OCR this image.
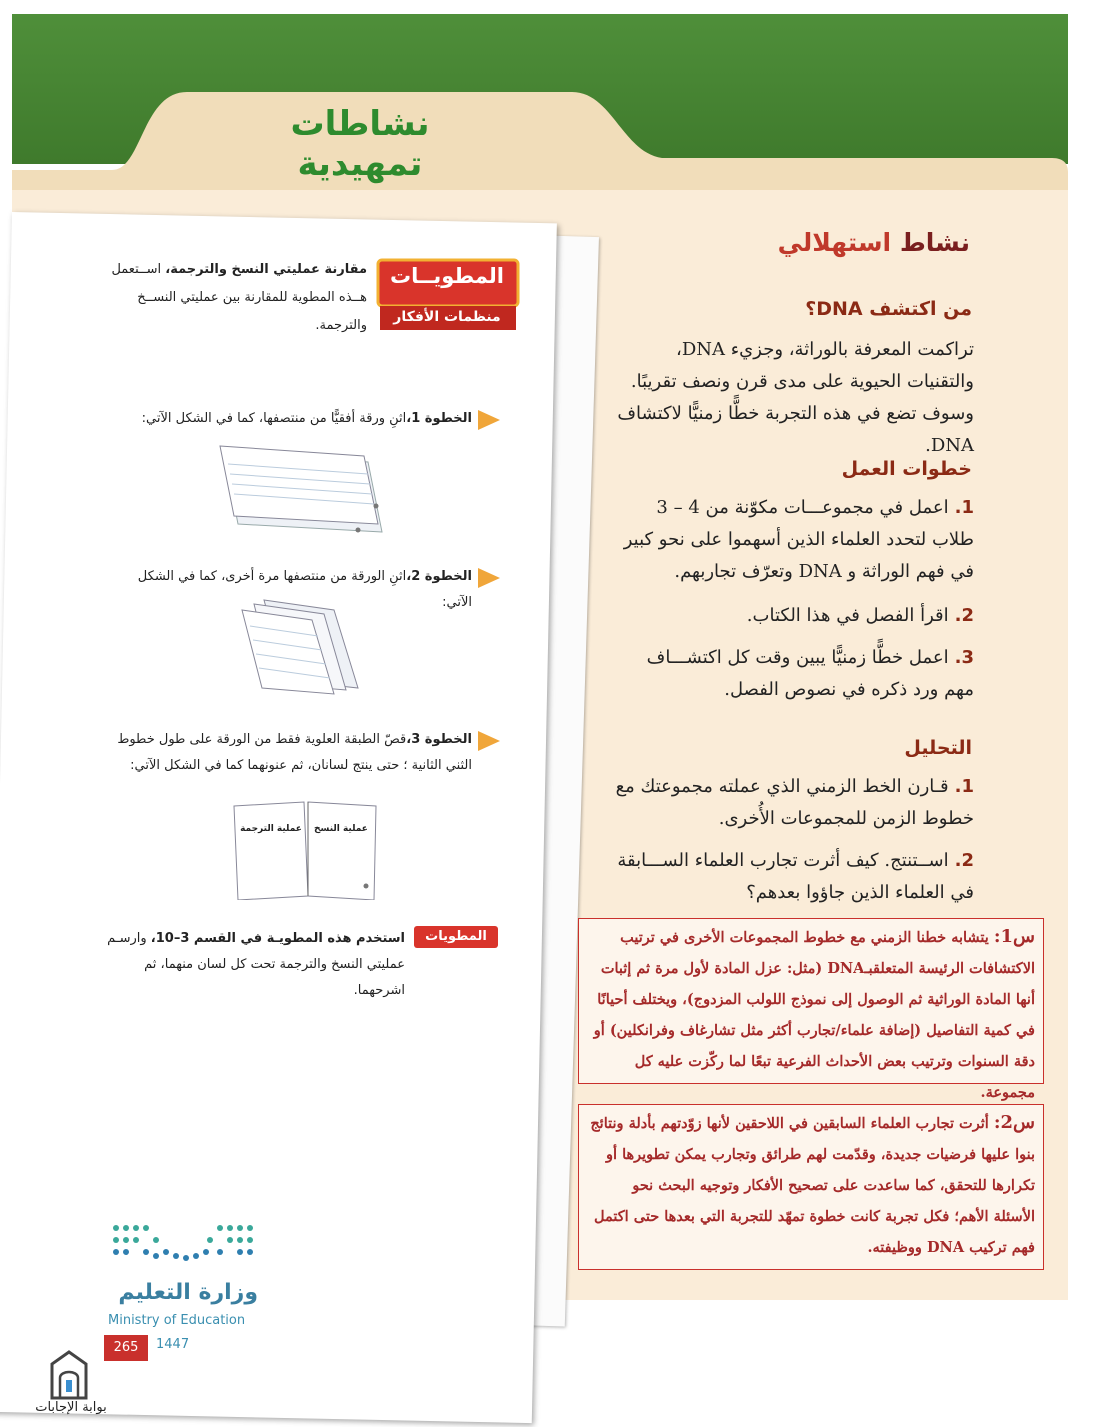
نشاطات تمهيدية
نشاط استهلالي
من اكتشف DNA؟
تراكمت المعرفة بالوراثة، وجزيء DNA، والتقنيات الحيوية على مدى قرن ونصف تقريبًا. وسوف تضع في هذه التجربة خطًّا زمنيًّا لاكتشاف DNA.
خطوات العمل
1.اعمل في مجموعـــات مكوّنة من 4 – 3 طلاب لتحدد العلماء الذين أسهموا على نحو كبير في فهم الوراثة و DNA وتعرّف تجاربهم.
2.اقرأ الفصل في هذا الكتاب.
3.اعمل خطًّا زمنيًّا يبين وقت كل اكتشـــاف مهم ورد ذكره في نصوص الفصل.
التحليل
1.قـارن الخط الزمني الذي عملته مجموعتك مع خطوط الزمن للمجموعات الأُخرى.
2.اســتنتج. كيف أثرت تجارب العلماء الســـابقة في العلماء الذين جاؤوا بعدهم؟
س1: يتشابه خطنا الزمني مع خطوط المجموعات الأخرى في ترتيب الاكتشافات الرئيسة المتعلقبـDNA (مثل: عزل المادة لأول مرة ثم إثبات أنها المادة الوراثية ثم الوصول إلى نموذج اللولب المزدوج)، ويختلف أحيانًا في كمية التفاصيل (إضافة علماء/تجارب أكثر مثل تشارغاف وفرانكلين) أو دقة السنوات وترتيب بعض الأحداث الفرعية تبعًا لما ركّزت عليه كل مجموعة.
س2: أثرت تجارب العلماء السابقين في اللاحقين لأنها زوّدتهم بأدلة ونتائج بنوا عليها فرضيات جديدة، وقدّمت لهم طرائق وتجارب يمكن تطويرها أو تكرارها للتحقق، كما ساعدت على تصحيح الأفكار وتوجيه البحث نحو الأسئلة الأهم؛ فكل تجربة كانت خطوة تمهّد للتجربة التي بعدها حتى اكتمل فهم تركيب DNA ووظيفته.
المطويــات
منظمات الأفكار
مقارنة عمليتي النسخ والترجمة، اســتعمل هــذه المطوية للمقارنة بين عمليتي النســخ والترجمة.
الخطوة 1،اثنِ ورقة أفقيًّا من منتصفها، كما في الشكل الآتي:
الخطوة 2،اثنِ الورقة من منتصفها مرة أخرى، كما في الشكل الآتي:
الخطوة 3،قصّ الطبقة العلوية فقط من الورقة على طول خطوط الثني الثانية ؛ حتى ينتج لسانان، ثم عنونهما كما في الشكل الآتي:
عملية النسخ
عملية الترجمة
المطويات
استخدم هذه المطويـة في القسم 3–10، وارسـم عمليتي النسخ والترجمة تحت كل لسان منهما، ثم اشرحهما.
وزارة التعليم
Ministry of Education
265	1447
بوابة الإجابات
